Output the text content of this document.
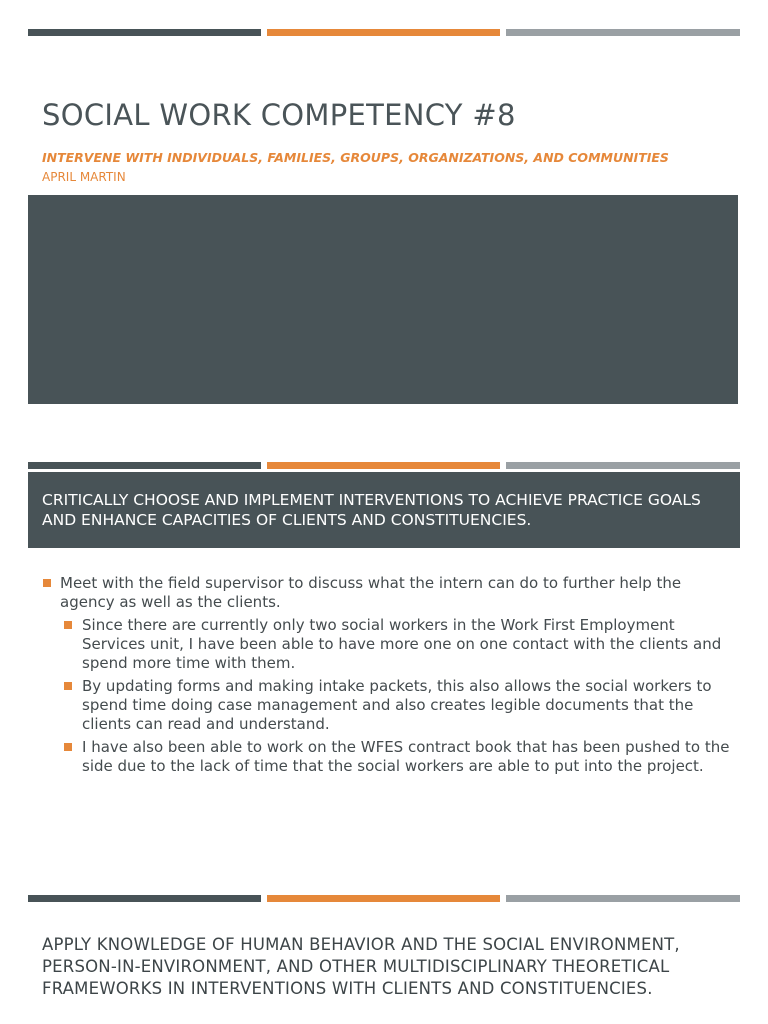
SOCIAL WORK COMPETENCY #8
INTERVENE WITH INDIVIDUALS, FAMILIES, GROUPS, ORGANIZATIONS, AND COMMUNITIES
APRIL MARTIN
CRITICALLY CHOOSE AND IMPLEMENT INTERVENTIONS TO ACHIEVE PRACTICE GOALS AND ENHANCE CAPACITIES OF CLIENTS AND CONSTITUENCIES.
Meet with the field supervisor to discuss what the intern can do to further help the agency as well as the clients.
Since there are currently only two social workers in the Work First Employment Services unit, I have been able to have more one on one contact with the clients and spend more time with them.
By updating forms and making intake packets, this also allows the social workers to spend time doing case management and also creates legible documents that the clients can read and understand.
I have also been able to work on the WFES contract book that has been pushed to the side due to the lack of time that the social workers are able to put into the project.
APPLY KNOWLEDGE OF HUMAN BEHAVIOR AND THE SOCIAL ENVIRONMENT, PERSON-IN-ENVIRONMENT, AND OTHER MULTIDISCIPLINARY THEORETICAL FRAMEWORKS IN INTERVENTIONS WITH CLIENTS AND CONSTITUENCIES.
